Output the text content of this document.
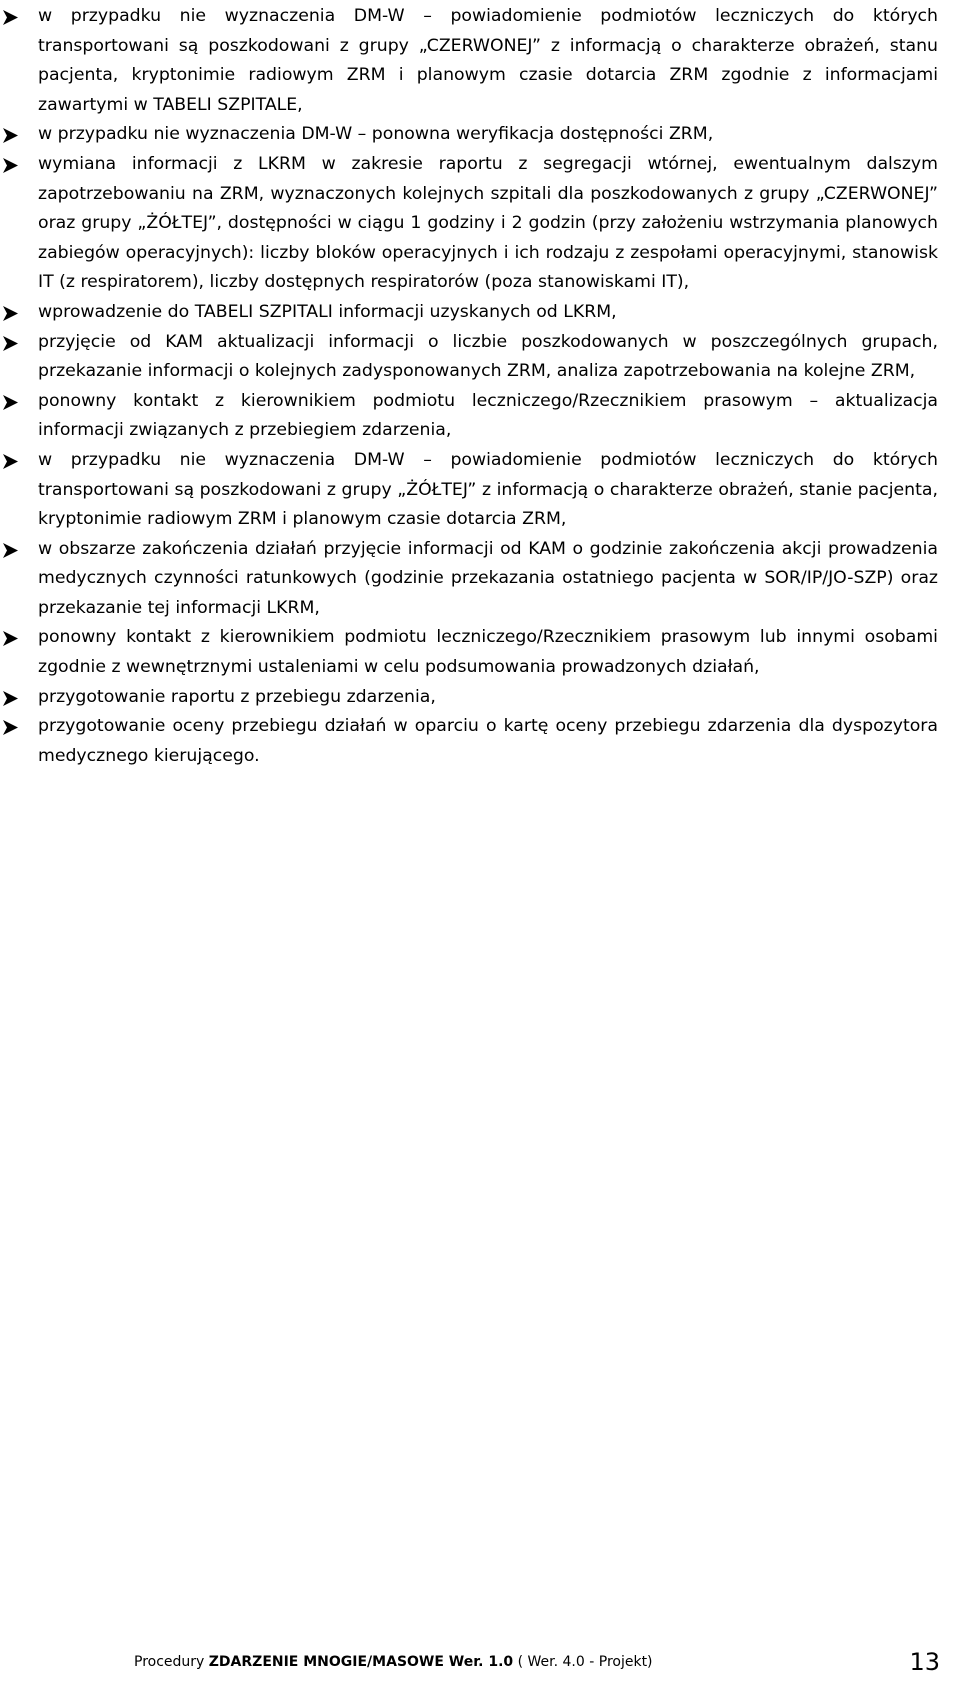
w przypadku nie wyznaczenia DM-W – powiadomienie podmiotów leczniczych do których transportowani są poszkodowani z grupy „CZERWONEJ” z informacją o charakterze obrażeń, stanu pacjenta, kryptonimie radiowym ZRM i planowym czasie dotarcia ZRM zgodnie z informacjami zawartymi w TABELI SZPITALE,
w przypadku nie wyznaczenia DM-W – ponowna weryfikacja dostępności ZRM,
wymiana informacji z LKRM w zakresie raportu z segregacji wtórnej, ewentualnym dalszym zapotrzebowaniu na ZRM, wyznaczonych kolejnych szpitali dla poszkodowanych z grupy „CZERWONEJ” oraz grupy „ŻÓŁTEJ”, dostępności w ciągu 1 godziny i 2 godzin (przy założeniu wstrzymania planowych zabiegów operacyjnych): liczby bloków operacyjnych i ich rodzaju z zespołami operacyjnymi, stanowisk IT (z respiratorem), liczby dostępnych respiratorów (poza stanowiskami IT),
wprowadzenie do TABELI SZPITALI informacji uzyskanych od LKRM,
przyjęcie od KAM aktualizacji informacji o liczbie poszkodowanych w poszczególnych grupach, przekazanie informacji o kolejnych zadysponowanych ZRM, analiza zapotrzebowania na kolejne ZRM,
ponowny kontakt z kierownikiem podmiotu leczniczego/Rzecznikiem prasowym – aktualizacja informacji związanych z przebiegiem zdarzenia,
w przypadku nie wyznaczenia DM-W – powiadomienie podmiotów leczniczych do których transportowani są poszkodowani z grupy „ŻÓŁTEJ” z informacją o charakterze obrażeń, stanie pacjenta, kryptonimie radiowym ZRM i planowym czasie dotarcia ZRM,
w obszarze zakończenia działań przyjęcie informacji od KAM o godzinie zakończenia akcji prowadzenia medycznych czynności ratunkowych (godzinie przekazania ostatniego pacjenta w SOR/IP/JO-SZP) oraz przekazanie tej informacji LKRM,
ponowny kontakt z kierownikiem podmiotu leczniczego/Rzecznikiem prasowym lub innymi osobami zgodnie z wewnętrznymi ustaleniami w celu podsumowania prowadzonych działań,
przygotowanie raportu z przebiegu zdarzenia,
przygotowanie oceny przebiegu działań w oparciu o kartę oceny przebiegu zdarzenia dla dyspozytora medycznego kierującego.
Procedury ZDARZENIE MNOGIE/MASOWE Wer. 1.0 ( Wer. 4.0 - Projekt)	13
